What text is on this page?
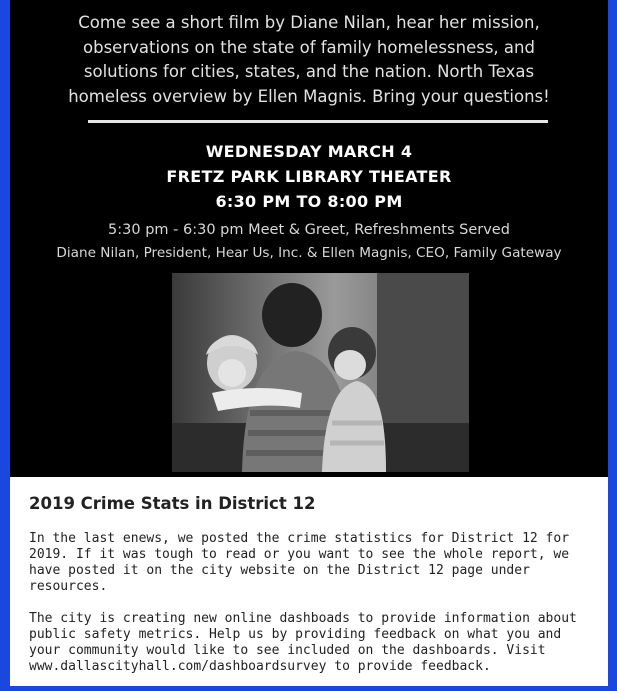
Come see a short film by Diane Nilan, hear her mission,
observations on the state of family homelessness, and
solutions for cities, states, and the nation. North Texas
homeless overview by Ellen Magnis. Bring your questions!
WEDNESDAY MARCH 4
FRETZ PARK LIBRARY THEATER
6:30 PM TO 8:00 PM
5:30 pm - 6:30 pm Meet & Greet, Refreshments Served
Diane Nilan, President, Hear Us, Inc. & Ellen Magnis, CEO, Family Gateway
2019 Crime Stats in District 12

In the last enews, we posted the crime statistics for District 12 for 2019. If it was tough to read or you want to see the whole report, we have posted it on the city website on the District 12 page under resources.

The city is creating new online dashboads to provide information about public safety metrics. Help us by providing feedback on what you and your community would like to see included on the dashboards. Visit www.dallascityhall.com/dashboardsurvey to provide feedback.
